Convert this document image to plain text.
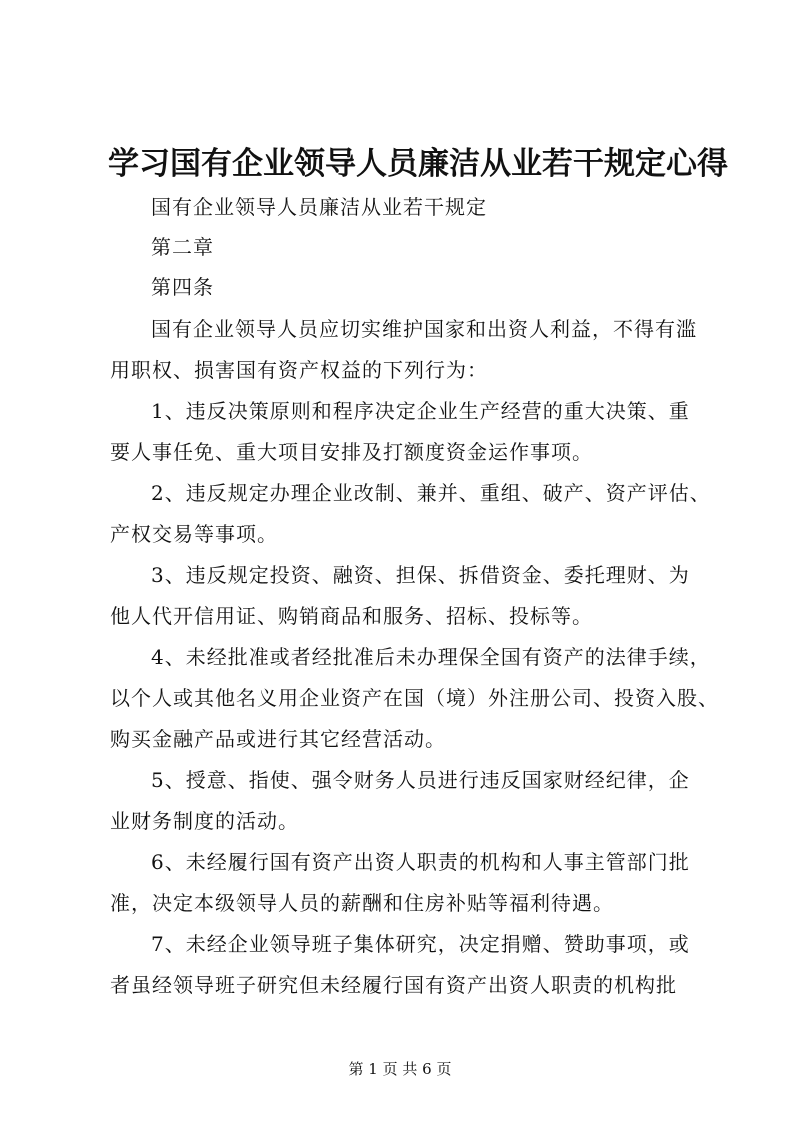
学习国有企业领导人员廉洁从业若干规定心得
国有企业领导人员廉洁从业若干规定
第二章
第四条
国有企业领导人员应切实维护国家和出资人利益，不得有滥
用职权、损害国有资产权益的下列行为：
1、违反决策原则和程序决定企业生产经营的重大决策、重
要人事任免、重大项目安排及打额度资金运作事项。
2、违反规定办理企业改制、兼并、重组、破产、资产评估、
产权交易等事项。
3、违反规定投资、融资、担保、拆借资金、委托理财、为
他人代开信用证、购销商品和服务、招标、投标等。
4、未经批准或者经批准后未办理保全国有资产的法律手续，
以个人或其他名义用企业资产在国（境）外注册公司、投资入股、
购买金融产品或进行其它经营活动。
5、授意、指使、强令财务人员进行违反国家财经纪律，企
业财务制度的活动。
6、未经履行国有资产出资人职责的机构和人事主管部门批
准，决定本级领导人员的薪酬和住房补贴等福利待遇。
7、未经企业领导班子集体研究，决定捐赠、赞助事项，或
者虽经领导班子研究但未经履行国有资产出资人职责的机构批
第 1 页 共 6 页
